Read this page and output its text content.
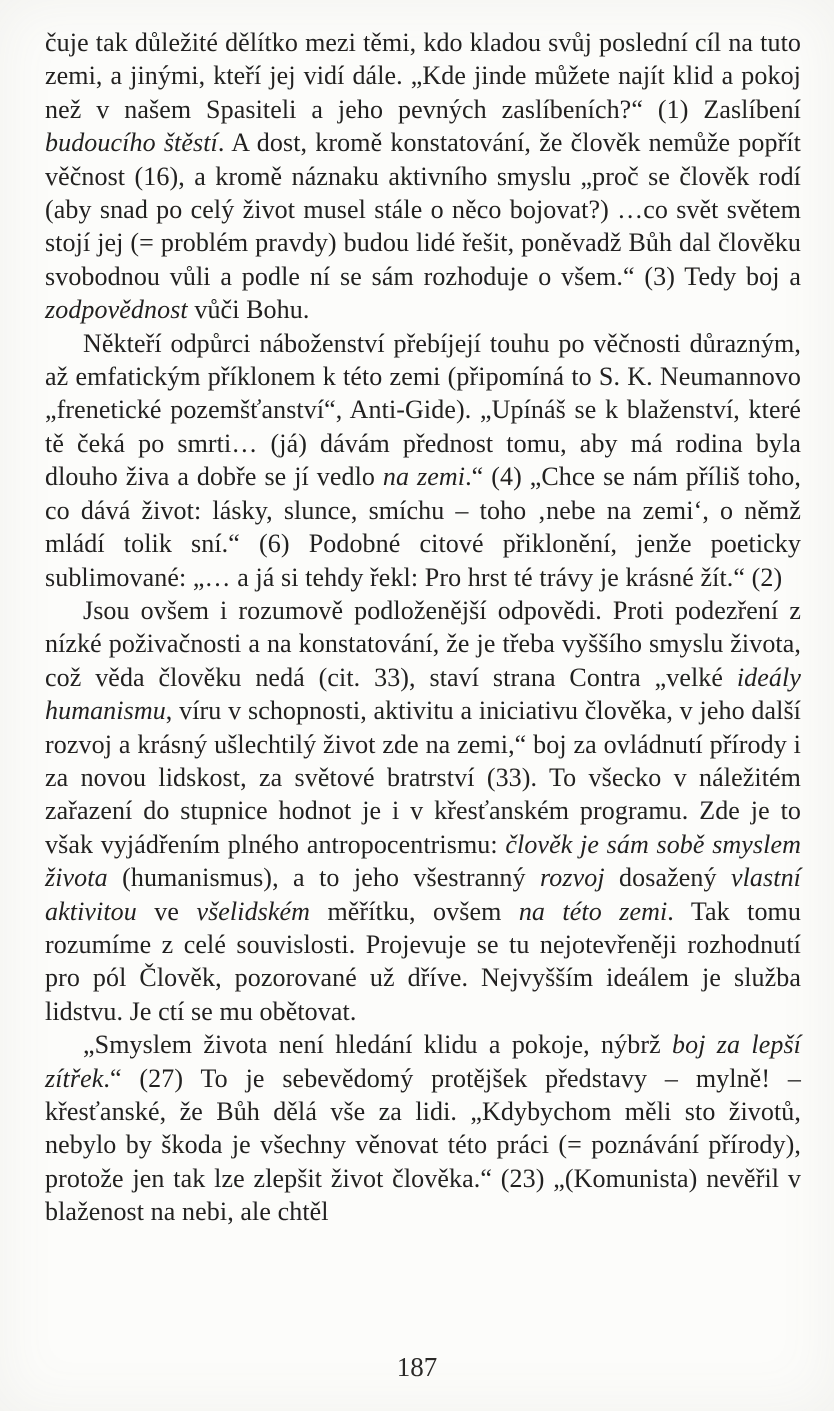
čuje tak důležité dělítko mezi těmi, kdo kladou svůj poslední cíl na tuto zemi, a jinými, kteří jej vidí dále. „Kde jinde můžete najít klid a pokoj než v našem Spasiteli a jeho pevných zaslíbeních?“ (1) Zaslíbení budoucího štěstí. A dost, kromě konstatování, že člověk nemůže popřít věčnost (16), a kromě náznaku aktivního smyslu „proč se člověk rodí (aby snad po celý život musel stále o něco bojovat?) …co svět světem stojí jej (= problém pravdy) budou lidé řešit, poněvadž Bůh dal člověku svobodnou vůli a podle ní se sám rozhoduje o všem.“ (3) Tedy boj a zodpovědnost vůči Bohu.

Někteří odpůrci náboženství přebíjejí touhu po věčnosti důrazným, až emfatickým příklonem k této zemi (připomíná to S. K. Neumannovo „frenetické pozemšťanství“, Anti-Gide). „Upínáš se k blaženství, které tě čeká po smrti… (já) dávám přednost tomu, aby má rodina byla dlouho živa a dobře se jí vedlo na zemi.“ (4) „Chce se nám příliš toho, co dává život: lásky, slunce, smíchu – toho ‚nebe na zemi‘, o němž mládí tolik sní.“ (6) Podobné citové přiklonění, jenže poeticky sublimované: „… a já si tehdy řekl: Pro hrst té trávy je krásné žít.“ (2)

Jsou ovšem i rozumově podloženější odpovědi. Proti podezření z nízké poživačnosti a na konstatování, že je třeba vyššího smyslu života, což věda člověku nedá (cit. 33), staví strana Contra „velké ideály humanismu, víru v schopnosti, aktivitu a iniciativu člověka, v jeho další rozvoj a krásný ušlechtilý život zde na zemi,“ boj za ovládnutí přírody i za novou lidskost, za světové bratrství (33). To všecko v náležitém zařazení do stupnice hodnot je i v křesťanském programu. Zde je to však vyjádřením plného antropocentrismu: člověk je sám sobě smyslem života (humanismus), a to jeho všestranný rozvoj dosažený vlastní aktivitou ve všelidském měřítku, ovšem na této zemi. Tak tomu rozumíme z celé souvislosti. Projevuje se tu nejotevřeněji rozhodnutí pro pól Člověk, pozorované už dříve. Nejvyšším ideálem je služba lidstvu. Je ctí se mu obětovat.

„Smyslem života není hledání klidu a pokoje, nýbrž boj za lepší zítřek.“ (27) To je sebevědomý protějšek představy – mylně! – křesťanské, že Bůh dělá vše za lidi. „Kdybychom měli sto životů, nebylo by škoda je všechny věnovat této práci (= poznávání přírody), protože jen tak lze zlepšit život člověka.“ (23) „(Komunista) nevěřil v blaženost na nebi, ale chtěl

187
